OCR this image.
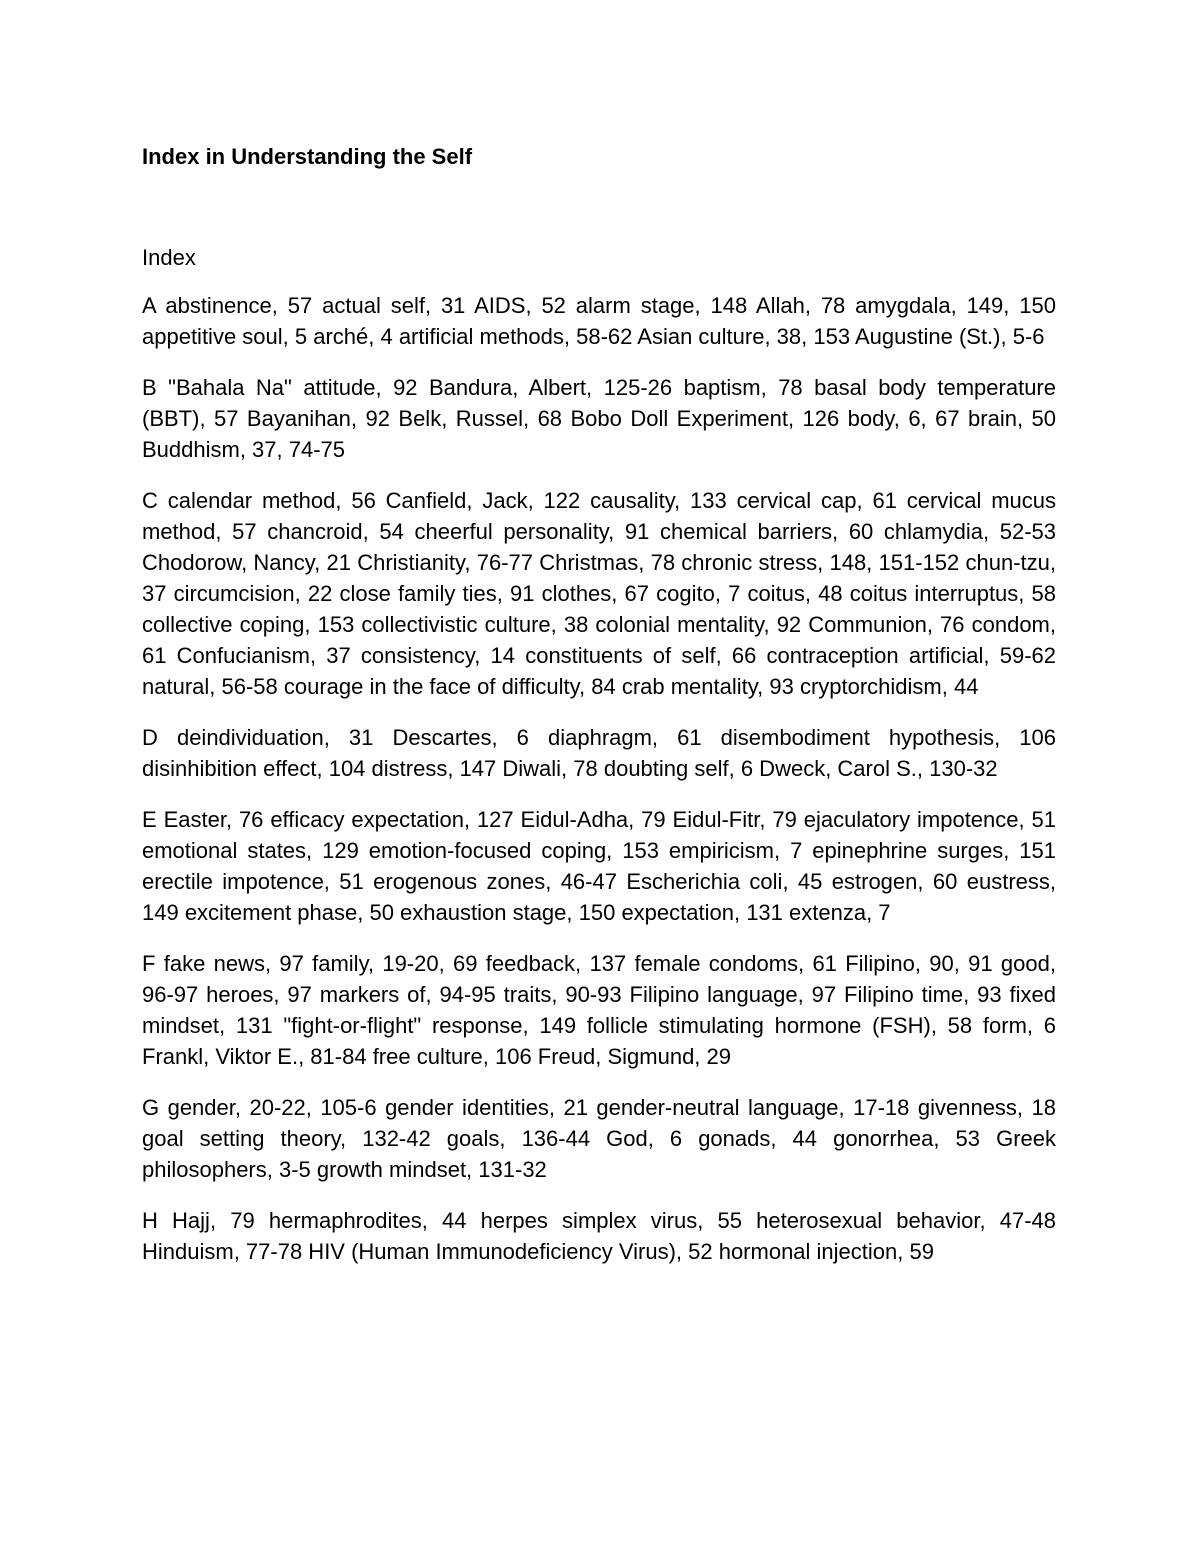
Index in Understanding the Self

Index

A abstinence, 57 actual self, 31 AIDS, 52 alarm stage, 148 Allah, 78 amygdala, 149, 150 appetitive soul, 5 arché, 4 artificial methods, 58-62 Asian culture, 38, 153 Augustine (St.), 5-6

B "Bahala Na" attitude, 92 Bandura, Albert, 125-26 baptism, 78 basal body temperature (BBT), 57 Bayanihan, 92 Belk, Russel, 68 Bobo Doll Experiment, 126 body, 6, 67 brain, 50 Buddhism, 37, 74-75

C calendar method, 56 Canfield, Jack, 122 causality, 133 cervical cap, 61 cervical mucus method, 57 chancroid, 54 cheerful personality, 91 chemical barriers, 60 chlamydia, 52-53 Chodorow, Nancy, 21 Christianity, 76-77 Christmas, 78 chronic stress, 148, 151-152 chun-tzu, 37 circumcision, 22 close family ties, 91 clothes, 67 cogito, 7 coitus, 48 coitus interruptus, 58 collective coping, 153 collectivistic culture, 38 colonial mentality, 92 Communion, 76 condom, 61 Confucianism, 37 consistency, 14 constituents of self, 66 contraception artificial, 59-62 natural, 56-58 courage in the face of difficulty, 84 crab mentality, 93 cryptorchidism, 44

D deindividuation, 31 Descartes, 6 diaphragm, 61 disembodiment hypothesis, 106 disinhibition effect, 104 distress, 147 Diwali, 78 doubting self, 6 Dweck, Carol S., 130-32

E Easter, 76 efficacy expectation, 127 Eidul-Adha, 79 Eidul-Fitr, 79 ejaculatory impotence, 51 emotional states, 129 emotion-focused coping, 153 empiricism, 7 epinephrine surges, 151 erectile impotence, 51 erogenous zones, 46-47 Escherichia coli, 45 estrogen, 60 eustress, 149 excitement phase, 50 exhaustion stage, 150 expectation, 131 extenza, 7

F fake news, 97 family, 19-20, 69 feedback, 137 female condoms, 61 Filipino, 90, 91 good, 96-97 heroes, 97 markers of, 94-95 traits, 90-93 Filipino language, 97 Filipino time, 93 fixed mindset, 131 "fight-or-flight" response, 149 follicle stimulating hormone (FSH), 58 form, 6 Frankl, Viktor E., 81-84 free culture, 106 Freud, Sigmund, 29

G gender, 20-22, 105-6 gender identities, 21 gender-neutral language, 17-18 givenness, 18 goal setting theory, 132-42 goals, 136-44 God, 6 gonads, 44 gonorrhea, 53 Greek philosophers, 3-5 growth mindset, 131-32

H Hajj, 79 hermaphrodites, 44 herpes simplex virus, 55 heterosexual behavior, 47-48 Hinduism, 77-78 HIV (Human Immunodeficiency Virus), 52 hormonal injection, 59
